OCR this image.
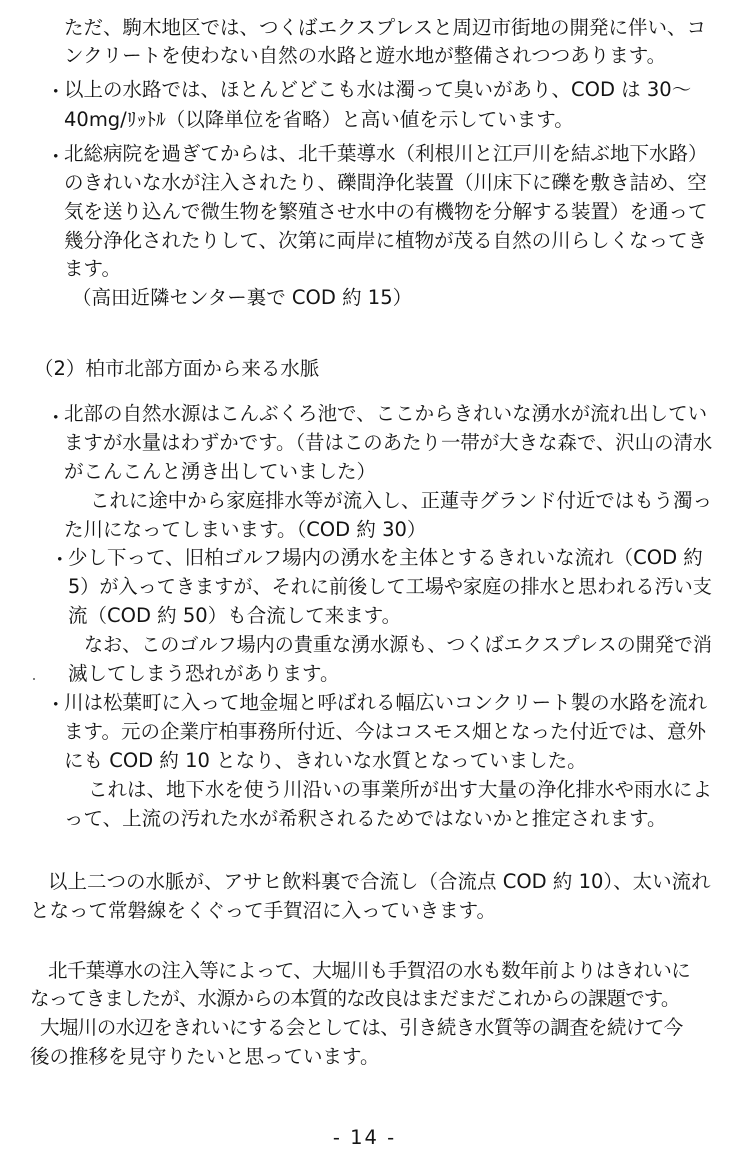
ただ、駒木地区では、つくばエクスプレスと周辺市街地の開発に伴い、コ

ンクリートを使わない自然の水路と遊水地が整備されつつあります。

・

以上の水路では、ほとんどどこも水は濁って臭いがあり、COD は 30～

40mg/ﾘｯﾄﾙ（以降単位を省略）と高い値を示しています。

・

北総病院を過ぎてからは、北千葉導水（利根川と江戸川を結ぶ地下水路）

のきれいな水が注入されたり、礫間浄化装置（川床下に礫を敷き詰め、空

気を送り込んで微生物を繁殖させ水中の有機物を分解する装置）を通って

幾分浄化されたりして、次第に両岸に植物が茂る自然の川らしくなってき

ます。

（高田近隣センター裏で COD 約 15）

（2）柏市北部方面から来る水脈

・

北部の自然水源はこんぶくろ池で、ここからきれいな湧水が流れ出してい

ますが水量はわずかです。（昔はこのあたり一帯が大きな森で、沢山の清水

がこんこんと湧き出していました）

これに途中から家庭排水等が流入し、正蓮寺グランド付近ではもう濁っ

た川になってしまいます。（COD 約 30）

・

少し下って、旧柏ゴルフ場内の湧水を主体とするきれいな流れ（COD 約

5）が入ってきますが、それに前後して工場や家庭の排水と思われる汚い支

流（COD 約 50）も合流して来ます。

なお、このゴルフ場内の貴重な湧水源も、つくばエクスプレスの開発で消

滅してしまう恐れがあります。

・

川は松葉町に入って地金堀と呼ばれる幅広いコンクリート製の水路を流れ

ます。元の企業庁柏事務所付近、今はコスモス畑となった付近では、意外

にも COD 約 10 となり、きれいな水質となっていました。

これは、地下水を使う川沿いの事業所が出す大量の浄化排水や雨水によ

って、上流の汚れた水が希釈されるためではないかと推定されます。

以上二つの水脈が、アサヒ飲料裏で合流し（合流点 COD 約 10）、太い流れ

となって常磐線をくぐって手賀沼に入っていきます。

北千葉導水の注入等によって、大堀川も手賀沼の水も数年前よりはきれいに

なってきましたが、水源からの本質的な改良はまだまだこれからの課題です。

大堀川の水辺をきれいにする会としては、引き続き水質等の調査を続けて今

後の推移を見守りたいと思っています。

- 14 -
